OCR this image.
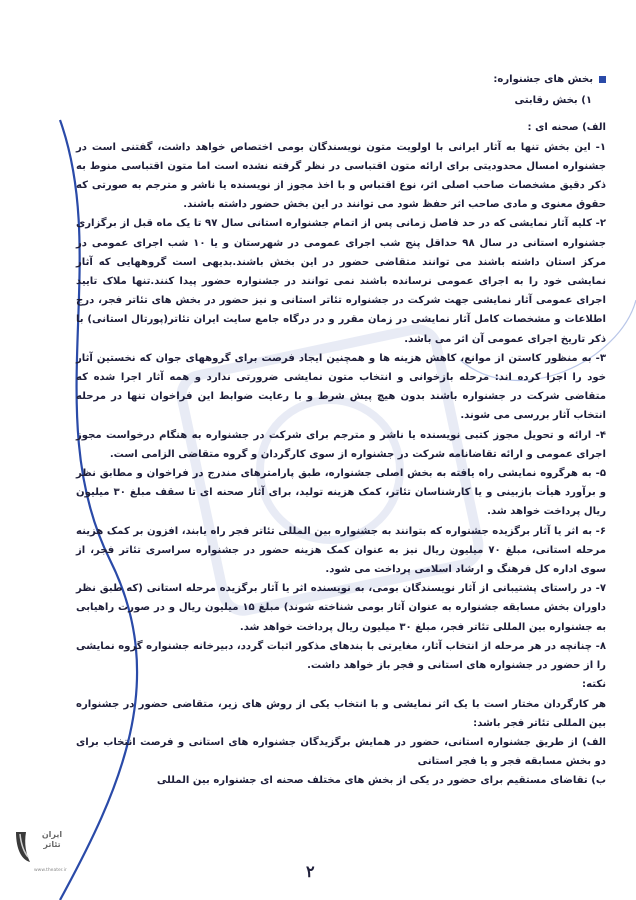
بخش های جشنواره:
۱) بخش رقابتی

الف) صحنه ای :

۱- این بخش تنها به آثار ایرانی با اولویت متون نویسندگان بومی اختصاص خواهد داشت، گفتنی است در جشنواره امسال محدودیتی برای ارائه متون اقتباسی در نظر گرفته نشده است اما متون اقتباسی منوط به ذکر دقیق مشخصات صاحب اصلی اثر، نوع اقتباس و با اخذ مجوز از نویسنده یا ناشر و مترجم به صورتی که حقوق معنوی و مادی صاحب اثر حفظ شود می توانند در این بخش حضور داشته باشند.

۲- کلیه آثار نمایشی که در حد فاصل زمانی پس از اتمام جشنواره استانی سال ۹۷ تا یک ماه قبل از برگزاری جشنواره استانی در سال ۹۸ حداقل پنج شب اجرای عمومی در شهرستان و یا ۱۰ شب اجرای عمومی در مرکز استان داشته باشند می توانند متقاضی حضور در این بخش باشند.بدیهی است گروههایی که آثار نمایشی خود را به اجرای عمومی نرسانده باشند نمی توانند در جشنواره حضور پیدا کنند.تنها ملاک تایید اجرای عمومی آثار نمایشی جهت شرکت در جشنواره تئاتر استانی و نیز حضور در بخش های تئاتر فجر، درج اطلاعات و مشخصات کامل آثار نمایشی در زمان مقرر و در درگاه جامع سایت ایران تئاتر(پورتال استانی) با ذکر تاریخ اجرای عمومی آن اثر می باشد.

۳- به منظور کاستن از موانع، کاهش هزینه ها و همچنین ایجاد فرصت برای گروههای جوان که نخستین آثار خود را اجرا کرده اند: مرحله بازخوانی و انتخاب متون نمایشی ضرورتی ندارد و همه آثار اجرا شده که متقاضی شرکت در جشنواره باشند بدون هیچ پیش شرط و با رعایت ضوابط این فراخوان تنها در مرحله انتخاب آثار بررسی می شوند.

۴- ارائه و تحویل مجوز کتبی نویسنده یا ناشر و مترجم برای شرکت در جشنواره به هنگام درخواست مجوز اجرای عمومی و ارائه تقاضانامه شرکت در جشنواره از سوی کارگردان و گروه متقاضی الزامی است.

۵- به هرگروه نمایشی راه یافته به بخش اصلی جشنواره، طبق پارامترهای مندرج در فراخوان و مطابق نظر و برآورد هیأت بازبینی و یا کارشناسان تئاتر، کمک هزینه تولید، برای آثار صحنه ای تا سقف مبلغ ۳۰ میلیون ریال پرداخت خواهد شد.

۶- به اثر یا آثار برگزیده جشنواره که بتوانند به جشنواره بین المللی تئاتر فجر راه یابند، افزون بر کمک هزینه مرحله استانی، مبلغ ۷۰ میلیون ریال نیز به عنوان کمک هزینه حضور در جشنواره سراسری تئاتر فجر، از سوی اداره کل فرهنگ و ارشاد اسلامی پرداخت می شود.

۷- در راستای پشتیبانی از آثار نویسندگان بومی، به نویسنده اثر یا آثار برگزیده مرحله استانی (که طبق نظر داوران بخش مسابقه جشنواره به عنوان آثار بومی شناخته شوند) مبلغ ۱۵ میلیون ریال و در صورت راهیابی به جشنواره بین المللی تئاتر فجر، مبلغ ۳۰ میلیون ریال پرداخت خواهد شد.

۸- چنانچه در هر مرحله از انتخاب آثار، مغایرتی با بندهای مذکور اثبات گردد، دبیرخانه جشنواره گروه نمایشی را از حضور در جشنواره های استانی و فجر باز خواهد داشت.

نکته:

هر کارگردان مختار است با یک اثر نمایشی و با انتخاب یکی از روش های زیر، متقاضی حضور در جشنواره بین المللی تئاتر فجر باشد:

الف) از طریق جشنواره استانی، حضور در همایش برگزیدگان جشنواره های استانی و فرصت انتخاب برای دو بخش مسابقه فجر و یا فجر استانی

ب) تقاضای مستقیم برای حضور در یکی از بخش های مختلف صحنه ای جشنواره بین المللی

ایران تئاتر
www.theater.ir	۲
